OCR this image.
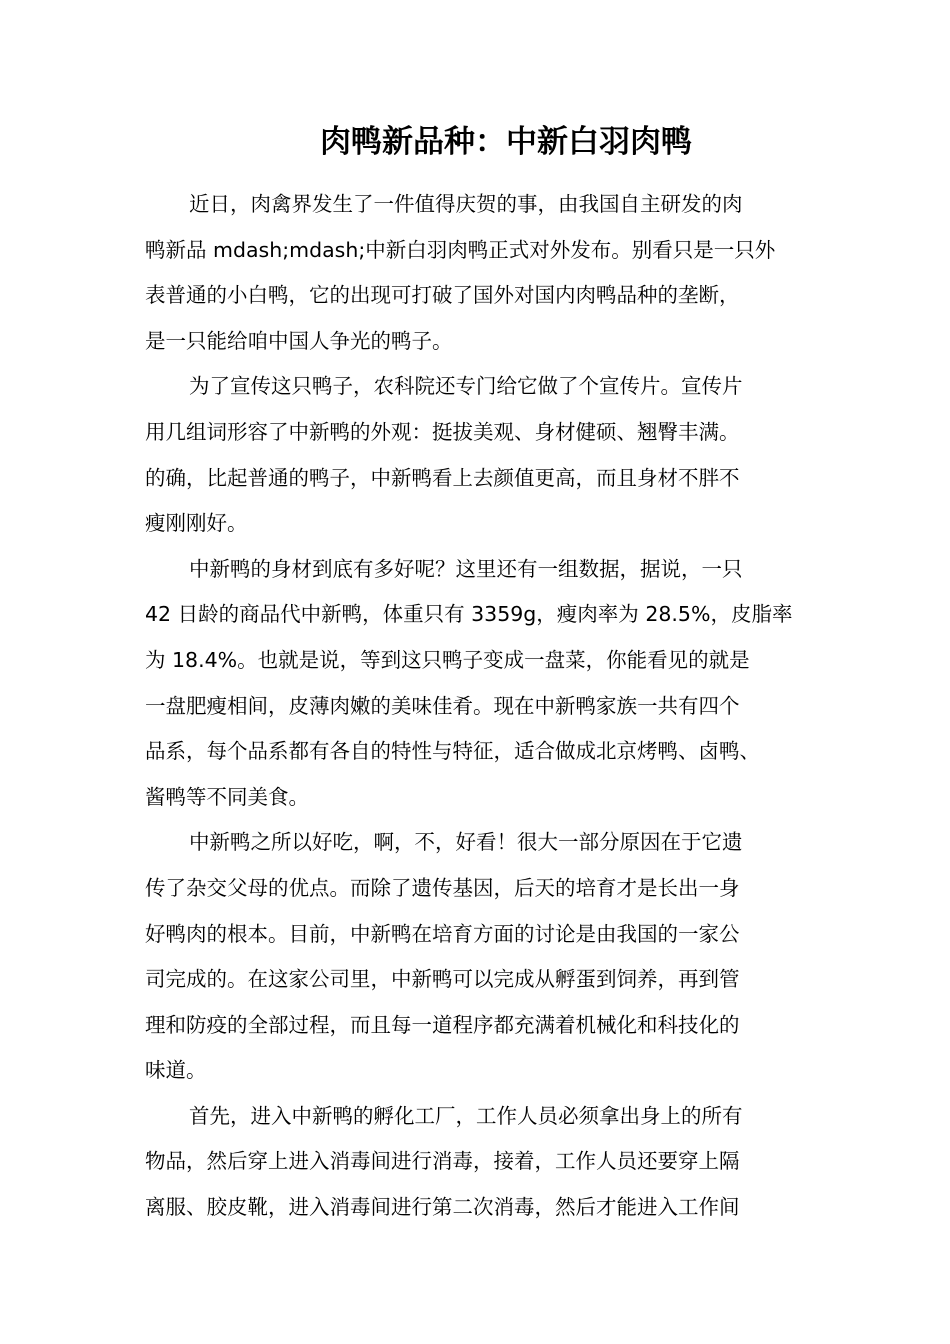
肉鸭新品种：中新白羽肉鸭
近日，肉禽界发生了一件值得庆贺的事，由我国自主研发的肉
鸭新品 mdash;mdash;中新白羽肉鸭正式对外发布。别看只是一只外
表普通的小白鸭，它的出现可打破了国外对国内肉鸭品种的垄断，
是一只能给咱中国人争光的鸭子。
为了宣传这只鸭子，农科院还专门给它做了个宣传片。宣传片
用几组词形容了中新鸭的外观：挺拔美观、身材健硕、翘臀丰满。
的确，比起普通的鸭子，中新鸭看上去颜值更高，而且身材不胖不
瘦刚刚好。
中新鸭的身材到底有多好呢？这里还有一组数据，据说，一只
42 日龄的商品代中新鸭，体重只有 3359g，瘦肉率为 28.5%，皮脂率
为 18.4%。也就是说，等到这只鸭子变成一盘菜，你能看见的就是
一盘肥瘦相间，皮薄肉嫩的美味佳肴。现在中新鸭家族一共有四个
品系，每个品系都有各自的特性与特征，适合做成北京烤鸭、卤鸭、
酱鸭等不同美食。
中新鸭之所以好吃，啊，不，好看！很大一部分原因在于它遗
传了杂交父母的优点。而除了遗传基因，后天的培育才是长出一身
好鸭肉的根本。目前，中新鸭在培育方面的讨论是由我国的一家公
司完成的。在这家公司里，中新鸭可以完成从孵蛋到饲养，再到管
理和防疫的全部过程，而且每一道程序都充满着机械化和科技化的
味道。
首先，进入中新鸭的孵化工厂，工作人员必须拿出身上的所有
物品，然后穿上进入消毒间进行消毒，接着，工作人员还要穿上隔
离服、胶皮靴，进入消毒间进行第二次消毒，然后才能进入工作间
